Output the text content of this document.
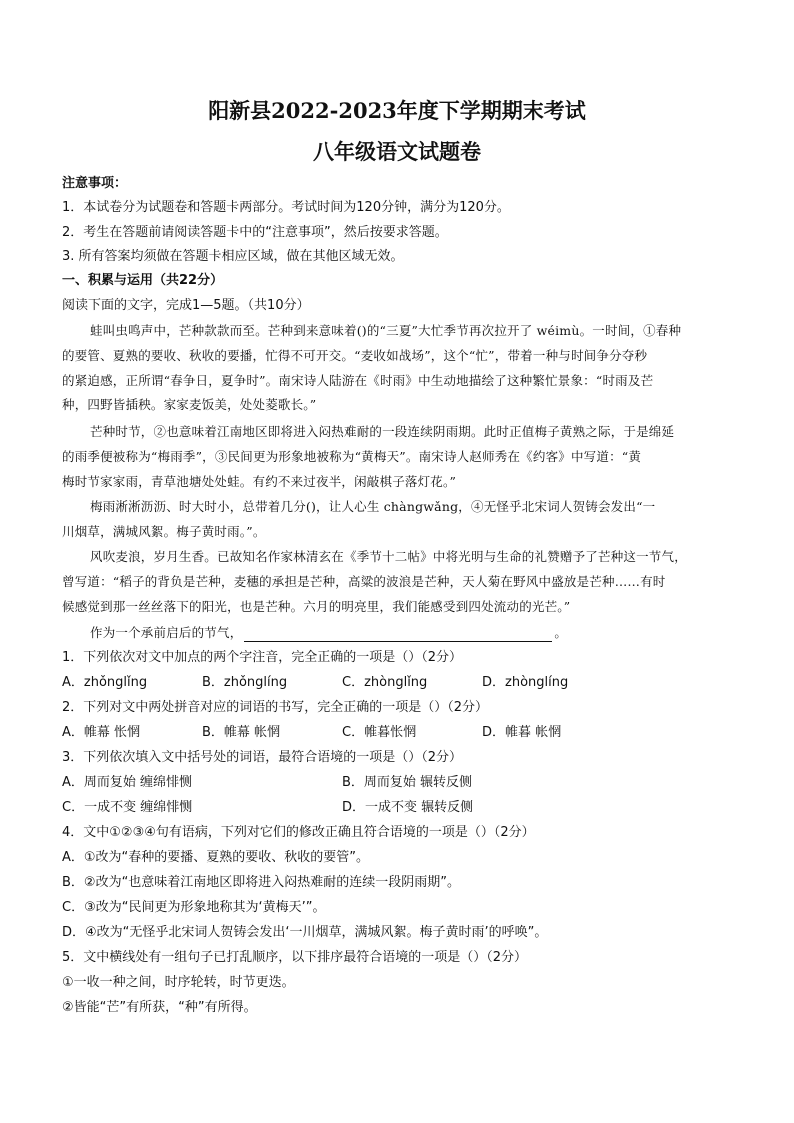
阳新县2022-2023年度下学期期末考试
八年级语文试题卷
注意事项：
1．本试卷分为试题卷和答题卡两部分。考试时间为120分钟，满分为120分。
2．考生在答题前请阅读答题卡中的“注意事项”，然后按要求答题。
3. 所有答案均须做在答题卡相应区域，做在其他区域无效。
一、积累与运用（共22分）
阅读下面的文字，完成1—5题。（共10分）
蛙叫虫鸣声中，芒种款款而至。芒种到来意味着()的“三夏”大忙季节再次拉开了 wéimù。一时间，①春种
的要管、夏熟的要收、秋收的要播，忙得不可开交。“麦收如战场”，这个“忙”，带着一种与时间争分夺秒
的紧迫感，正所谓“春争日，夏争时”。南宋诗人陆游在《时雨》中生动地描绘了这种繁忙景象：“时雨及芒
种，四野皆插秧。家家麦饭美，处处菱歌长。”
芒种时节，②也意味着江南地区即将进入闷热难耐的一段连续阴雨期。此时正值梅子黄熟之际，于是绵延
的雨季便被称为“梅雨季”，③民间更为形象地被称为“黄梅天”。南宋诗人赵师秀在《约客》中写道：“黄
梅时节家家雨，青草池塘处处蛙。有约不来过夜半，闲敲棋子落灯花。”
梅雨淅淅沥沥、时大时小，总带着几分()，让人心生 chàngwǎng，④无怪乎北宋词人贺铸会发出“一
川烟草，满城风絮。梅子黄时雨。”。
风吹麦浪，岁月生香。已故知名作家林清玄在《季节十二帖》中将光明与生命的礼赞赠予了芒种这一节气，
曾写道：“稻子的背负是芒种，麦穗的承担是芒种，高粱的波浪是芒种，天人菊在野风中盛放是芒种……有时
候感觉到那一丝丝落下的阳光，也是芒种。六月的明亮里，我们能感受到四处流动的光芒。”
作为一个承前启后的节气，	。
1．下列依次对文中加点的两个字注音，完全正确的一项是（）（2分）
A．zhǒnglǐng	B．zhǒnglíng	C．zhònglǐng	D．zhònglíng
2．下列对文中两处拼音对应的词语的书写，完全正确的一项是（）（2分）
A．帷幕 怅惘	B．帷幕 帐惘	C．帷暮怅惘	D．帷暮 帐惘
3．下列依次填入文中括号处的词语，最符合语境的一项是（）（2分）
A．周而复始 缠绵悱恻	B．周而复始 辗转反侧
C．一成不变 缠绵悱恻	D．一成不变 辗转反侧
4．文中①②③④句有语病，下列对它们的修改正确且符合语境的一项是（）（2分）
A．①改为“春种的要播、夏熟的要收、秋收的要管”。
B．②改为“也意味着江南地区即将进入闷热难耐的连续一段阴雨期”。
C．③改为“民间更为形象地称其为‘黄梅天’”。
D．④改为“无怪乎北宋词人贺铸会发出‘一川烟草，满城风絮。梅子黄时雨’的呼唤”。
5．文中横线处有一组句子已打乱顺序，以下排序最符合语境的一项是（）（2分）
①一收一种之间，时序轮转，时节更迭。
②皆能“芒”有所获，“种”有所得。
